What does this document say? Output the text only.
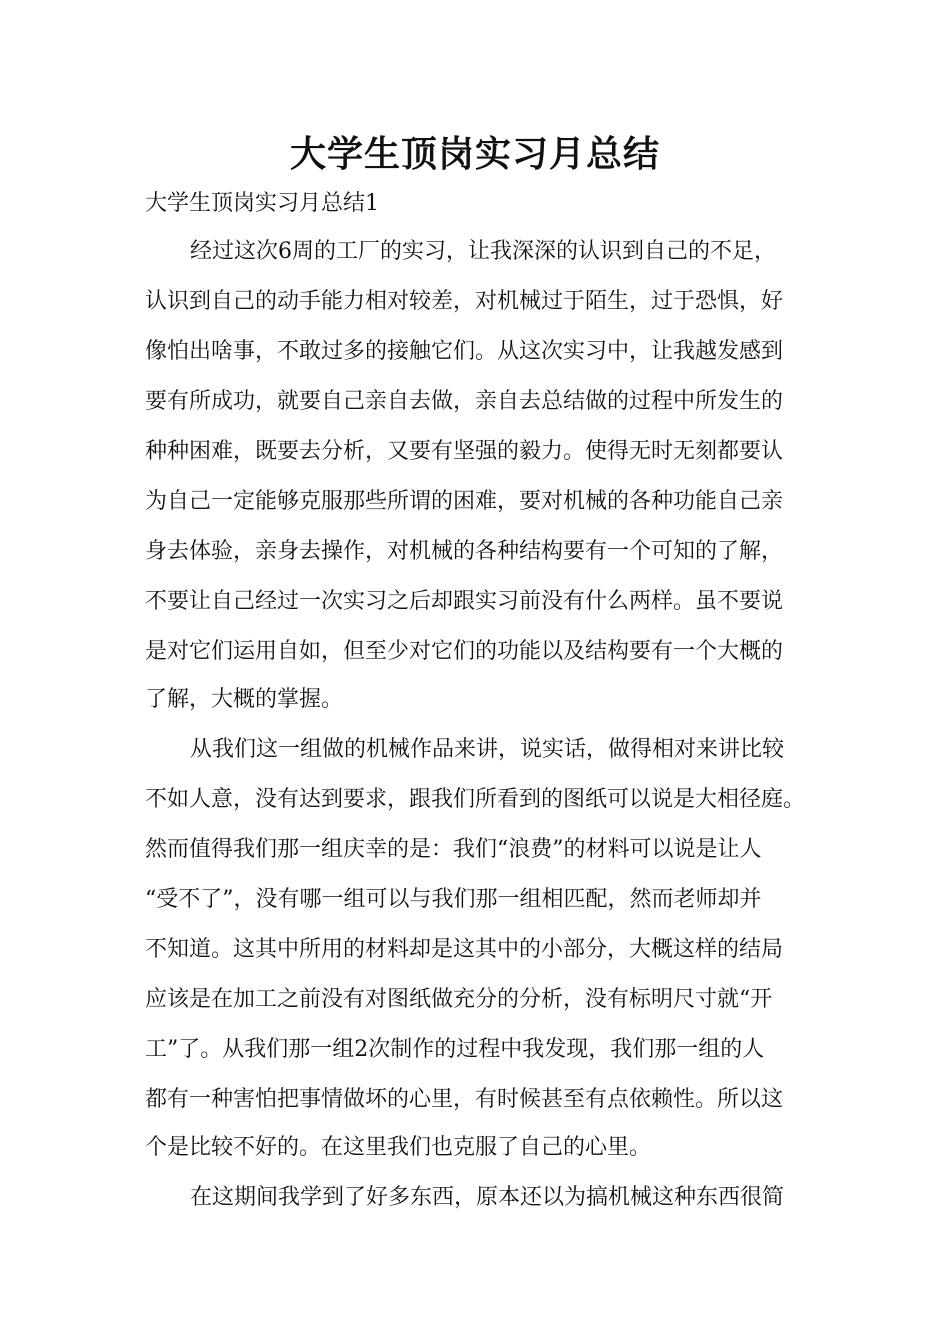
大学生顶岗实习月总结
大学生顶岗实习月总结1
经过这次6周的工厂的实习，让我深深的认识到自己的不足，
认识到自己的动手能力相对较差，对机械过于陌生，过于恐惧，好
像怕出啥事，不敢过多的接触它们。从这次实习中，让我越发感到
要有所成功，就要自己亲自去做，亲自去总结做的过程中所发生的
种种困难，既要去分析，又要有坚强的毅力。使得无时无刻都要认
为自己一定能够克服那些所谓的困难，要对机械的各种功能自己亲
身去体验，亲身去操作，对机械的各种结构要有一个可知的了解，
不要让自己经过一次实习之后却跟实习前没有什么两样。虽不要说
是对它们运用自如，但至少对它们的功能以及结构要有一个大概的
了解，大概的掌握。
从我们这一组做的机械作品来讲，说实话，做得相对来讲比较
不如人意，没有达到要求，跟我们所看到的图纸可以说是大相径庭。
然而值得我们那一组庆幸的是：我们“浪费”的材料可以说是让人
“受不了”，没有哪一组可以与我们那一组相匹配，然而老师却并
不知道。这其中所用的材料却是这其中的小部分，大概这样的结局
应该是在加工之前没有对图纸做充分的分析，没有标明尺寸就“开
工”了。从我们那一组2次制作的过程中我发现，我们那一组的人
都有一种害怕把事情做坏的心里，有时候甚至有点依赖性。所以这
个是比较不好的。在这里我们也克服了自己的心里。
在这期间我学到了好多东西，原本还以为搞机械这种东西很简
